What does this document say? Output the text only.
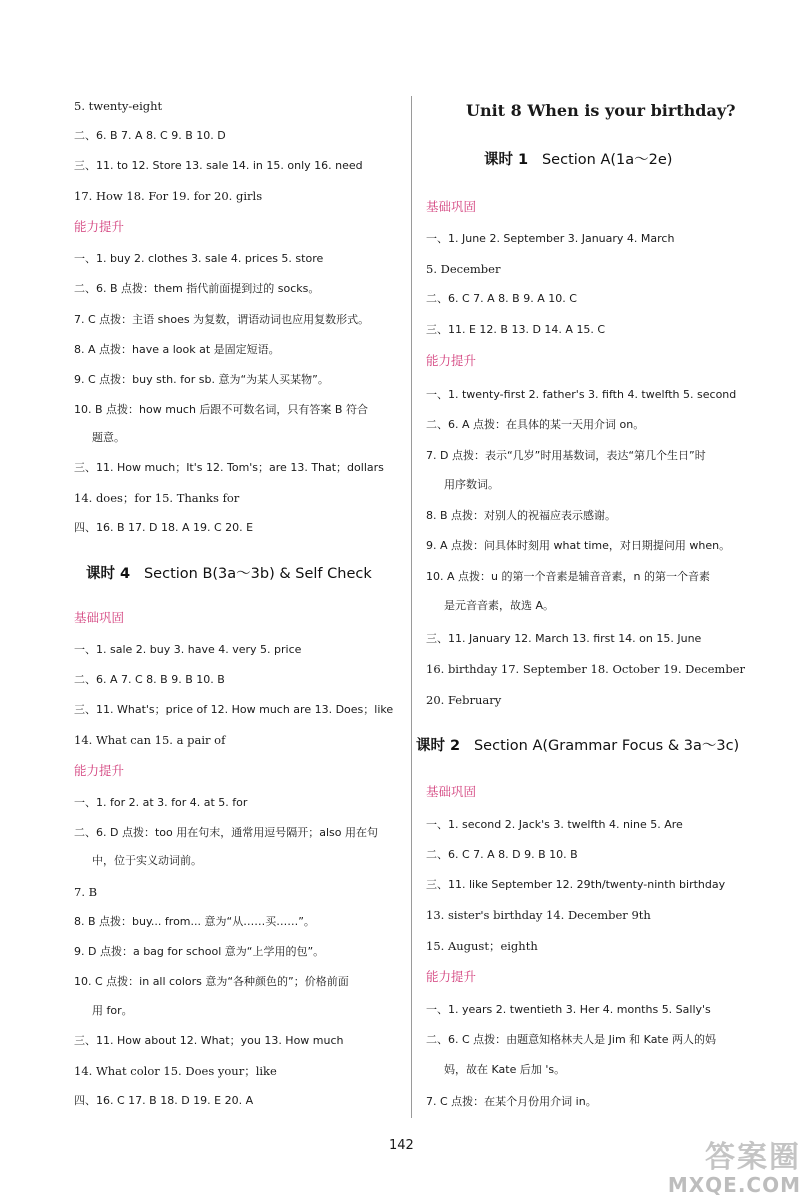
5. twenty-eight
二、6. B 7. A 8. C 9. B 10. D
三、11. to 12. Store 13. sale 14. in 15. only 16. need
17. How 18. For 19. for 20. girls
能力提升
一、1. buy 2. clothes 3. sale 4. prices 5. store
二、6. B 点拨：them 指代前面提到过的 socks。
7. C 点拨：主语 shoes 为复数，谓语动词也应用复数形式。
8. A 点拨：have a look at 是固定短语。
9. C 点拨：buy sth. for sb. 意为“为某人买某物”。
10. B 点拨：how much 后跟不可数名词，只有答案 B 符合
题意。
三、11. How much；It's 12. Tom's；are 13. That；dollars
14. does；for 15. Thanks for
四、16. B 17. D 18. A 19. C 20. E
课时 4 Section B(3a～3b) & Self Check
基础巩固
一、1. sale 2. buy 3. have 4. very 5. price
二、6. A 7. C 8. B 9. B 10. B
三、11. What's；price of 12. How much are 13. Does；like
14. What can 15. a pair of
能力提升
一、1. for 2. at 3. for 4. at 5. for
二、6. D 点拨：too 用在句末，通常用逗号隔开；also 用在句
中，位于实义动词前。
7. B
8. B 点拨：buy... from... 意为“从……买……”。
9. D 点拨：a bag for school 意为“上学用的包”。
10. C 点拨：in all colors 意为“各种颜色的”；价格前面
用 for。
三、11. How about 12. What；you 13. How much
14. What color 15. Does your；like
四、16. C 17. B 18. D 19. E 20. A
Unit 8 When is your birthday?
课时 1 Section A(1a～2e)
基础巩固
一、1. June 2. September 3. January 4. March
5. December
二、6. C 7. A 8. B 9. A 10. C
三、11. E 12. B 13. D 14. A 15. C
能力提升
一、1. twenty-first 2. father's 3. fifth 4. twelfth 5. second
二、6. A 点拨：在具体的某一天用介词 on。
7. D 点拨：表示“几岁”时用基数词，表达“第几个生日”时
用序数词。
8. B 点拨：对别人的祝福应表示感谢。
9. A 点拨：问具体时刻用 what time，对日期提问用 when。
10. A 点拨：u 的第一个音素是辅音音素，n 的第一个音素
是元音音素，故选 A。
三、11. January 12. March 13. first 14. on 15. June
16. birthday 17. September 18. October 19. December
20. February
课时 2 Section A(Grammar Focus & 3a～3c)
基础巩固
一、1. second 2. Jack's 3. twelfth 4. nine 5. Are
二、6. C 7. A 8. D 9. B 10. B
三、11. like September 12. 29th/twenty-ninth birthday
13. sister's birthday 14. December 9th
15. August；eighth
能力提升
一、1. years 2. twentieth 3. Her 4. months 5. Sally's
二、6. C 点拨：由题意知格林夫人是 Jim 和 Kate 两人的妈
妈，故在 Kate 后加 's。
7. C 点拨：在某个月份用介词 in。
142	答案圈
MXQE.COM
